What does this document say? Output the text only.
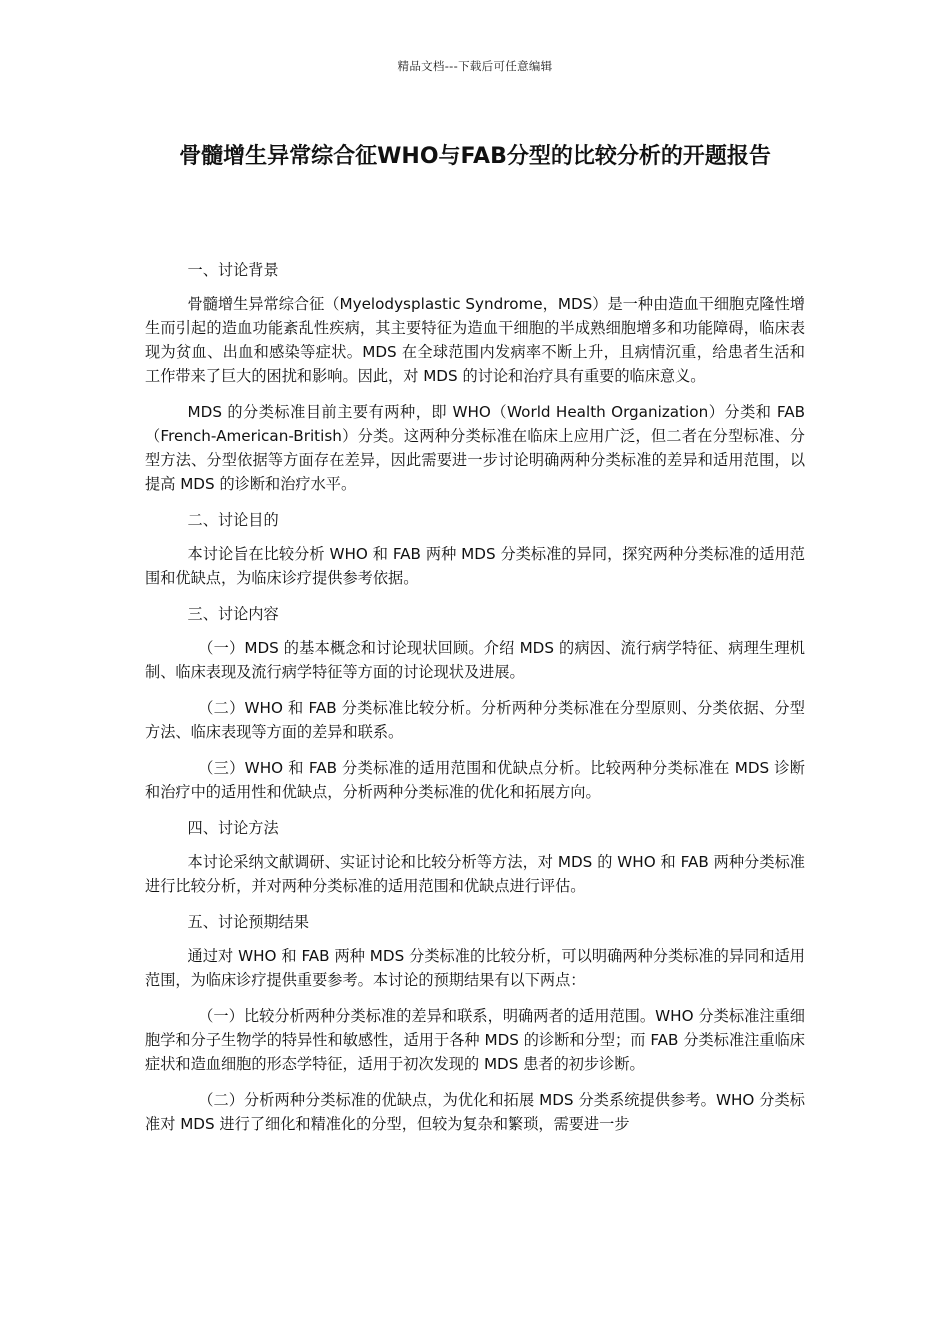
精品文档---下载后可任意编辑
骨髓增生异常综合征WHO与FAB分型的比较分析的开题报告

一、讨论背景

骨髓增生异常综合征（Myelodysplastic Syndrome，MDS）是一种由造血干细胞克隆性增生而引起的造血功能紊乱性疾病，其主要特征为造血干细胞的半成熟细胞增多和功能障碍，临床表现为贫血、出血和感染等症状。MDS 在全球范围内发病率不断上升，且病情沉重，给患者生活和工作带来了巨大的困扰和影响。因此，对 MDS 的讨论和治疗具有重要的临床意义。

MDS 的分类标准目前主要有两种，即 WHO（World Health Organization）分类和 FAB（French-American-British）分类。这两种分类标准在临床上应用广泛，但二者在分型标准、分型方法、分型依据等方面存在差异，因此需要进一步讨论明确两种分类标准的差异和适用范围，以提高 MDS 的诊断和治疗水平。

二、讨论目的

本讨论旨在比较分析 WHO 和 FAB 两种 MDS 分类标准的异同，探究两种分类标准的适用范围和优缺点，为临床诊疗提供参考依据。

三、讨论内容

（一）MDS 的基本概念和讨论现状回顾。介绍 MDS 的病因、流行病学特征、病理生理机制、临床表现及流行病学特征等方面的讨论现状及进展。

（二）WHO 和 FAB 分类标准比较分析。分析两种分类标准在分型原则、分类依据、分型方法、临床表现等方面的差异和联系。

（三）WHO 和 FAB 分类标准的适用范围和优缺点分析。比较两种分类标准在 MDS 诊断和治疗中的适用性和优缺点，分析两种分类标准的优化和拓展方向。

四、讨论方法

本讨论采纳文献调研、实证讨论和比较分析等方法，对 MDS 的 WHO 和 FAB 两种分类标准进行比较分析，并对两种分类标准的适用范围和优缺点进行评估。

五、讨论预期结果

通过对 WHO 和 FAB 两种 MDS 分类标准的比较分析，可以明确两种分类标准的异同和适用范围，为临床诊疗提供重要参考。本讨论的预期结果有以下两点：

（一）比较分析两种分类标准的差异和联系，明确两者的适用范围。WHO 分类标准注重细胞学和分子生物学的特异性和敏感性，适用于各种 MDS 的诊断和分型；而 FAB 分类标准注重临床症状和造血细胞的形态学特征，适用于初次发现的 MDS 患者的初步诊断。

（二）分析两种分类标准的优缺点，为优化和拓展 MDS 分类系统提供参考。WHO 分类标准对 MDS 进行了细化和精准化的分型，但较为复杂和繁琐，需要进一步
